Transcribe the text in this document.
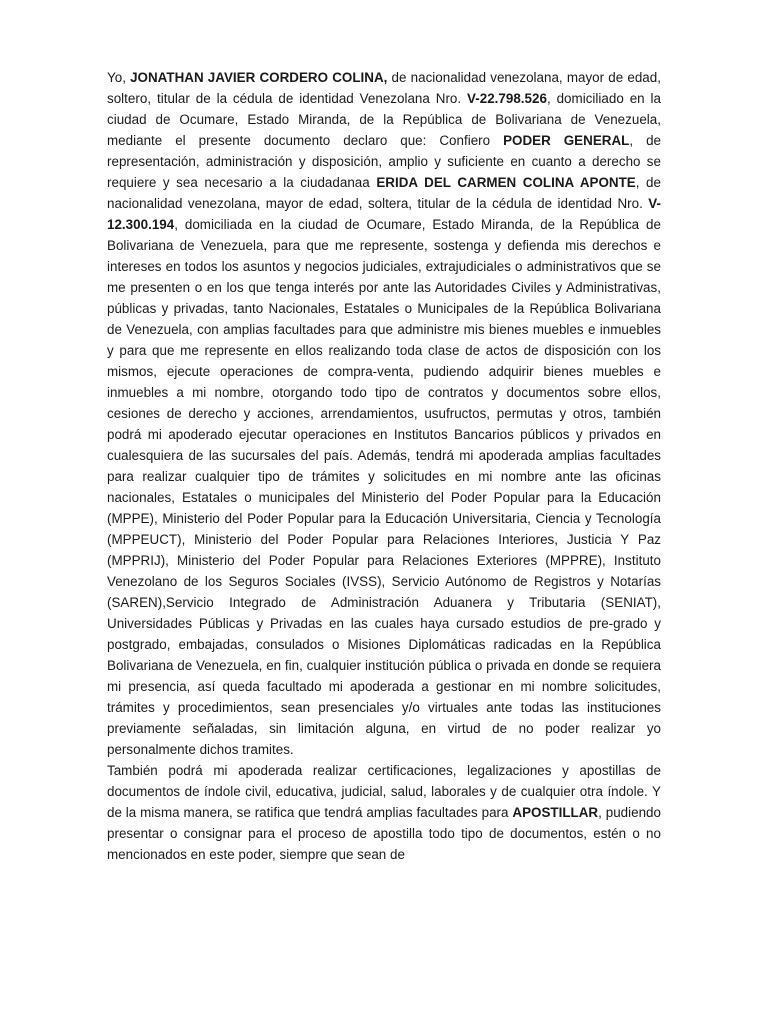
Yo, JONATHAN JAVIER CORDERO COLINA, de nacionalidad venezolana, mayor de edad, soltero, titular de la cédula de identidad Venezolana Nro. V-22.798.526, domiciliado en la ciudad de Ocumare, Estado Miranda, de la República de Bolivariana de Venezuela, mediante el presente documento declaro que: Confiero PODER GENERAL, de representación, administración y disposición, amplio y suficiente en cuanto a derecho se requiere y sea necesario a la ciudadanaa ERIDA DEL CARMEN COLINA APONTE, de nacionalidad venezolana, mayor de edad, soltera, titular de la cédula de identidad Nro. V-12.300.194, domiciliada en la ciudad de Ocumare, Estado Miranda, de la República de Bolivariana de Venezuela, para que me represente, sostenga y defienda mis derechos e intereses en todos los asuntos y negocios judiciales, extrajudiciales o administrativos que se me presenten o en los que tenga interés por ante las Autoridades Civiles y Administrativas, públicas y privadas, tanto Nacionales, Estatales o Municipales de la República Bolivariana de Venezuela, con amplias facultades para que administre mis bienes muebles e inmuebles y para que me represente en ellos realizando toda clase de actos de disposición con los mismos, ejecute operaciones de compra-venta, pudiendo adquirir bienes muebles e inmuebles a mi nombre, otorgando todo tipo de contratos y documentos sobre ellos, cesiones de derecho y acciones, arrendamientos, usufructos, permutas y otros, también podrá mi apoderado ejecutar operaciones en Institutos Bancarios públicos y privados en cualesquiera de las sucursales del país. Además, tendrá mi apoderada amplias facultades para realizar cualquier tipo de trámites y solicitudes en mi nombre ante las oficinas nacionales, Estatales o municipales del Ministerio del Poder Popular para la Educación (MPPE), Ministerio del Poder Popular para la Educación Universitaria, Ciencia y Tecnología (MPPEUCT), Ministerio del Poder Popular para Relaciones Interiores, Justicia Y Paz (MPPRIJ), Ministerio del Poder Popular para Relaciones Exteriores (MPPRE), Instituto Venezolano de los Seguros Sociales (IVSS), Servicio Autónomo de Registros y Notarías (SAREN),Servicio Integrado de Administración Aduanera y Tributaria (SENIAT), Universidades Públicas y Privadas en las cuales haya cursado estudios de pre-grado y postgrado, embajadas, consulados o Misiones Diplomáticas radicadas en la República Bolivariana de Venezuela, en fin, cualquier institución pública o privada en donde se requiera mi presencia, así queda facultado mi apoderada a gestionar en mi nombre solicitudes, trámites y procedimientos, sean presenciales y/o virtuales ante todas las instituciones previamente señaladas, sin limitación alguna, en virtud de no poder realizar yo personalmente dichos tramites.

También podrá mi apoderada realizar certificaciones, legalizaciones y apostillas de documentos de índole civil, educativa, judicial, salud, laborales y de cualquier otra índole. Y de la misma manera, se ratifica que tendrá amplias facultades para APOSTILLAR, pudiendo presentar o consignar para el proceso de apostilla todo tipo de documentos, estén o no mencionados en este poder, siempre que sean de
